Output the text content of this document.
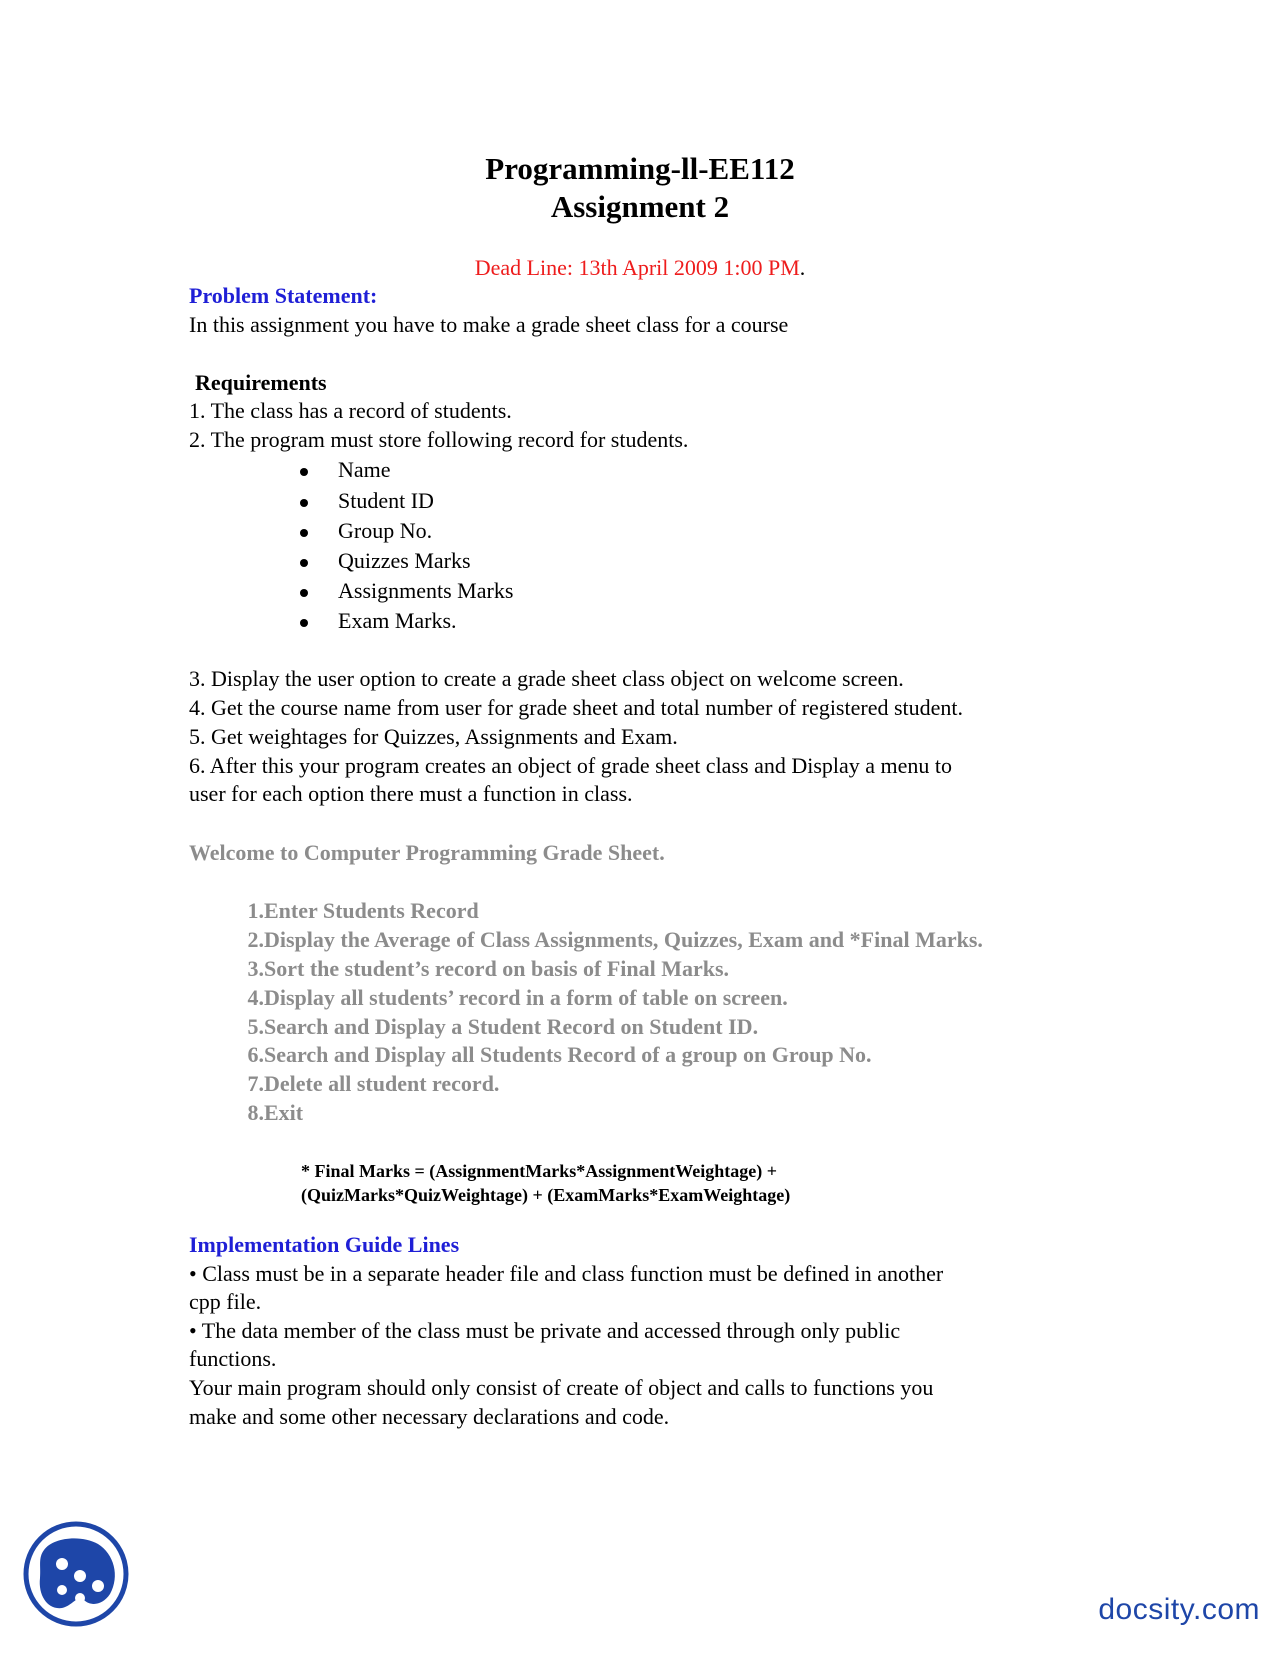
Programming-ll-EE112
Assignment 2
Dead Line: 13th April 2009 1:00 PM.
Problem Statement:
In this assignment you have to make a grade sheet class for a course
Requirements
1. The class has a record of students.
2. The program must store following record for students.
Name
Student ID
Group No.
Quizzes Marks
Assignments Marks
Exam Marks.
3. Display the user option to create a grade sheet class object on welcome screen.
4. Get the course name from user for grade sheet and total number of registered student.
5. Get weightages for Quizzes, Assignments and Exam.
6. After this your program creates an object of grade sheet class and Display a menu to
user for each option there must a function in class.
Welcome to Computer Programming Grade Sheet.
1. Enter Students Record
2. Display the Average of Class Assignments, Quizzes, Exam and *Final Marks.
3. Sort the student’s record on basis of Final Marks.
4. Display all students’ record in a form of table on screen.
5. Search and Display a Student Record on Student ID.
6. Search and Display all Students Record of a group on Group No.
7. Delete all student record.
8. Exit
* Final Marks = (AssignmentMarks*AssignmentWeightage) +
(QuizMarks*QuizWeightage) + (ExamMarks*ExamWeightage)
Implementation Guide Lines
• Class must be in a separate header file and class function must be defined in another
cpp file.
• The data member of the class must be private and accessed through only public
functions.
Your main program should only consist of create of object and calls to functions you
make and some other necessary declarations and code.
docsity.com
